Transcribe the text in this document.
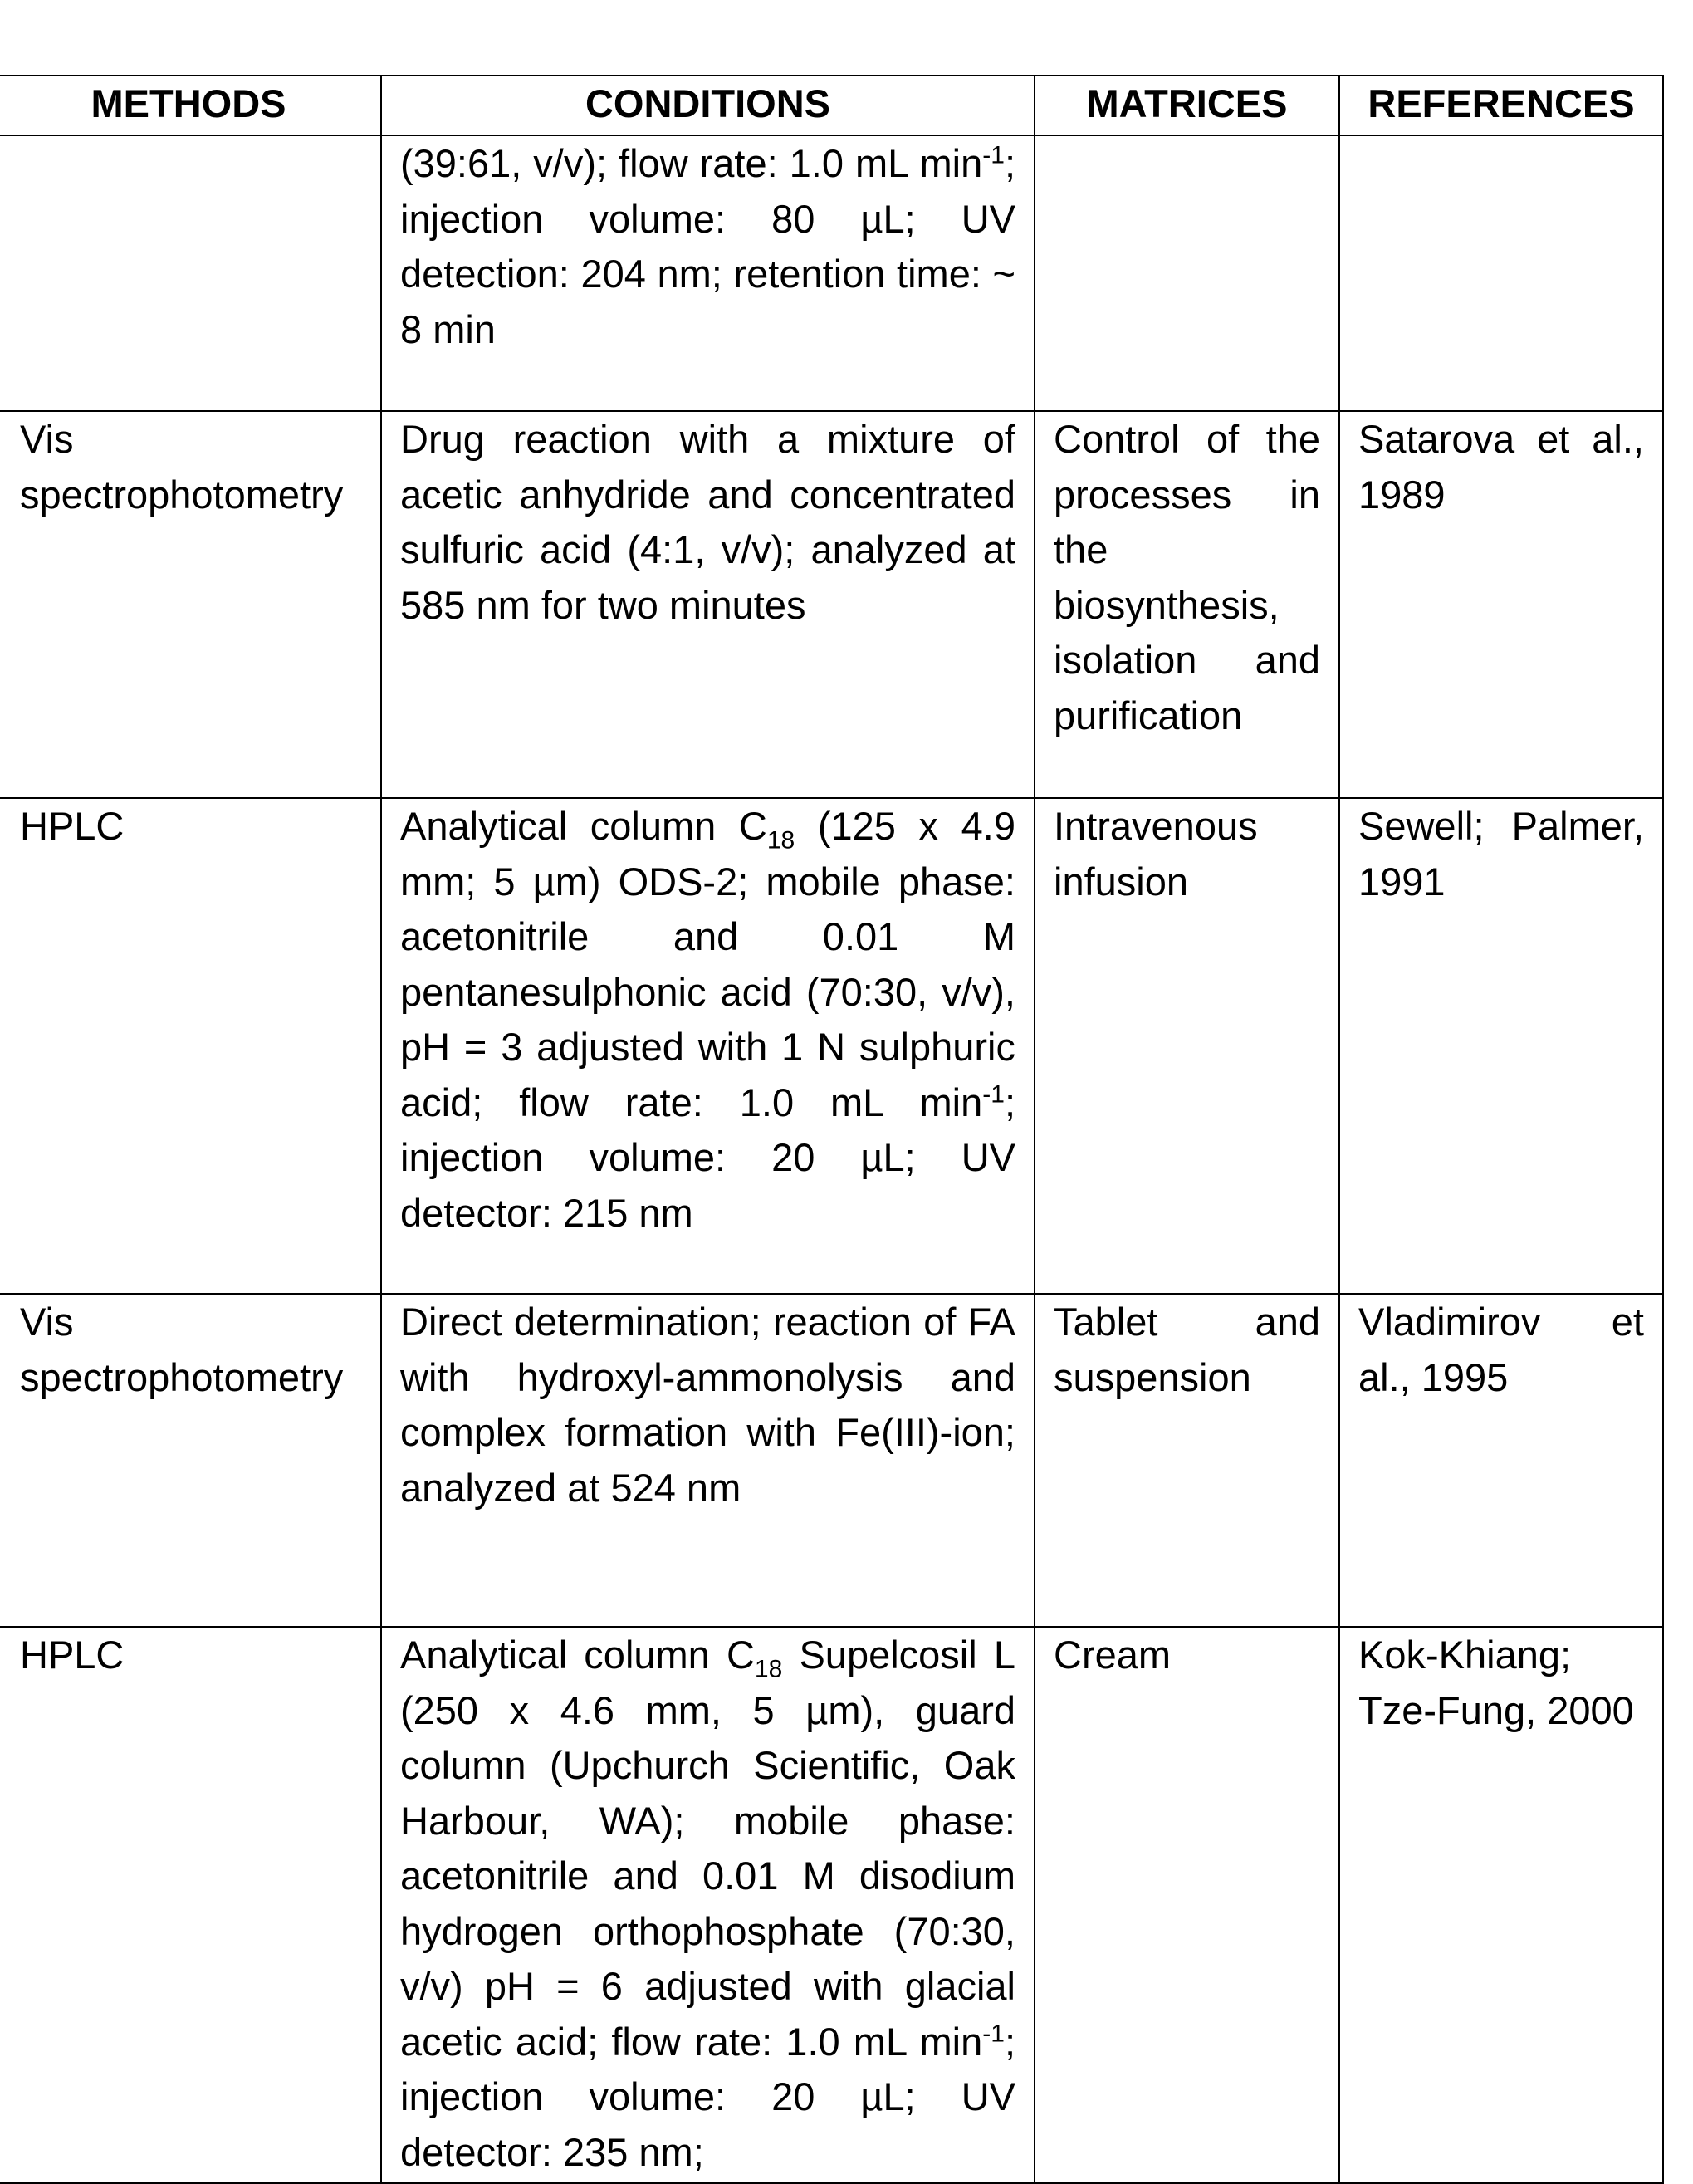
METHODS	CONDITIONS	MATRICES	REFERENCES
	(39:61, v/v); flow rate: 1.0 mL $\min^{-1}$; injection volume: 80 µL; UV detection: 204 nm; retention time: ~ 8 min		
Vis spectrophotometry	Drug reaction with a mixture of acetic anhydride and concentrated sulfuric acid (4:1, v/v); analyzed at 585 nm for two minutes	Control of the processes in the biosynthesis, isolation and purification	Satarova et al., 1989
HPLC	Analytical column $C_{18}$ (125 x 4.9 mm; 5 µm) ODS-2; mobile phase: acetonitrile and 0.01 M pentanesulphonic acid (70:30, v/v), pH = 3 adjusted with 1 N sulphuric acid; flow rate: 1.0 mL $\min^{-1}$; injection volume: 20 µL; UV detector: 215 nm	Intravenous infusion	Sewell; Palmer, 1991
Vis spectrophotometry	Direct determination; reaction of FA with hydroxyl-ammonolysis and complex formation with Fe(III)-ion; analyzed at 524 nm	Tablet and suspension	Vladimirov et al., 1995
HPLC	Analytical column $C_{18}$ Supelcosil L (250 x 4.6 mm, 5 µm), guard column (Upchurch Scientific, Oak Harbour, WA); mobile phase: acetonitrile and 0.01 M disodium hydrogen orthophosphate (70:30, v/v) pH = 6 adjusted with glacial acetic acid; flow rate: 1.0 mL $\min^{-1}$; injection volume: 20 µL; UV detector: 235 nm;	Cream	Kok-Khiang; Tze-Fung, 2000
